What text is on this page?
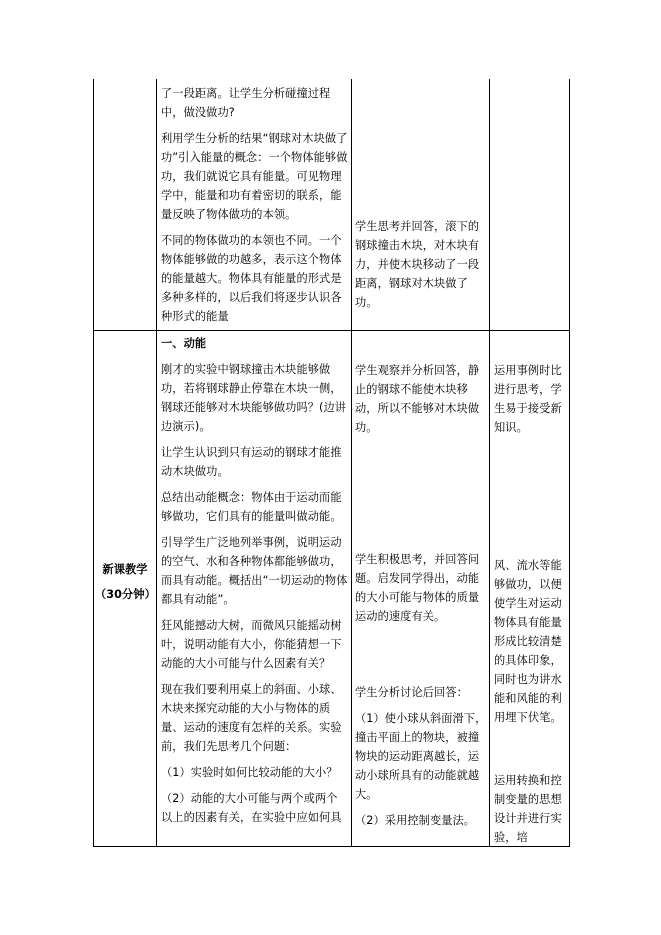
了一段距离。让学生分析碰撞过程中，做没做功?

利用学生分析的结果“钢球对木块做了功”引入能量的概念：一个物体能够做功，我们就说它具有能量。可见物理学中，能量和功有着密切的联系，能量反映了物体做功的本领。

不同的物体做功的本领也不同。一个物体能够做的功越多，表示这个物体的能量越大。物体具有能量的形式是多种多样的，以后我们将逐步认识各种形式的能量

学生思考并回答，滚下的钢球撞击木块，对木块有力，并使木块移动了一段距离，钢球对木块做了功。

新课教学
（30分钟）

一、动能

刚才的实验中钢球撞击木块能够做功，若将钢球静止停靠在木块一侧，钢球还能够对木块能够做功吗？(边讲边演示)。

让学生认识到只有运动的钢球才能推动木块做功。

总结出动能概念：物体由于运动而能够做功，它们具有的能量叫做动能。

引导学生广泛地列举事例，说明运动的空气、水和各种物体都能够做功，而具有动能。概括出“一切运动的物体都具有动能”。

狂风能撼动大树，而微风只能摇动树叶，说明动能有大小，你能猜想一下动能的大小可能与什么因素有关？

现在我们要利用桌上的斜面、小球、木块来探究动能的大小与物体的质量、运动的速度有怎样的关系。实验前，我们先思考几个问题：

（1）实验时如何比较动能的大小？

（2）动能的大小可能与两个或两个以上的因素有关，在实验中应如何具

学生观察并分析回答，静止的钢球不能使木块移动，所以不能够对木块做功。

学生积极思考，并回答问题。启发同学得出，动能的大小可能与物体的质量运动的速度有关。

学生分析讨论后回答：

（1）使小球从斜面滑下，撞击平面上的物块，被撞物块的运动距离越长，运动小球所具有的动能就越大。

（2）采用控制变量法。

运用事例时比进行思考，学生易于接受新知识。

风、流水等能够做功，以便使学生对运动物体具有能量形成比较清楚的具体印象，同时也为讲水能和风能的利用埋下伏笔。

运用转换和控制变量的思想设计并进行实验，培
